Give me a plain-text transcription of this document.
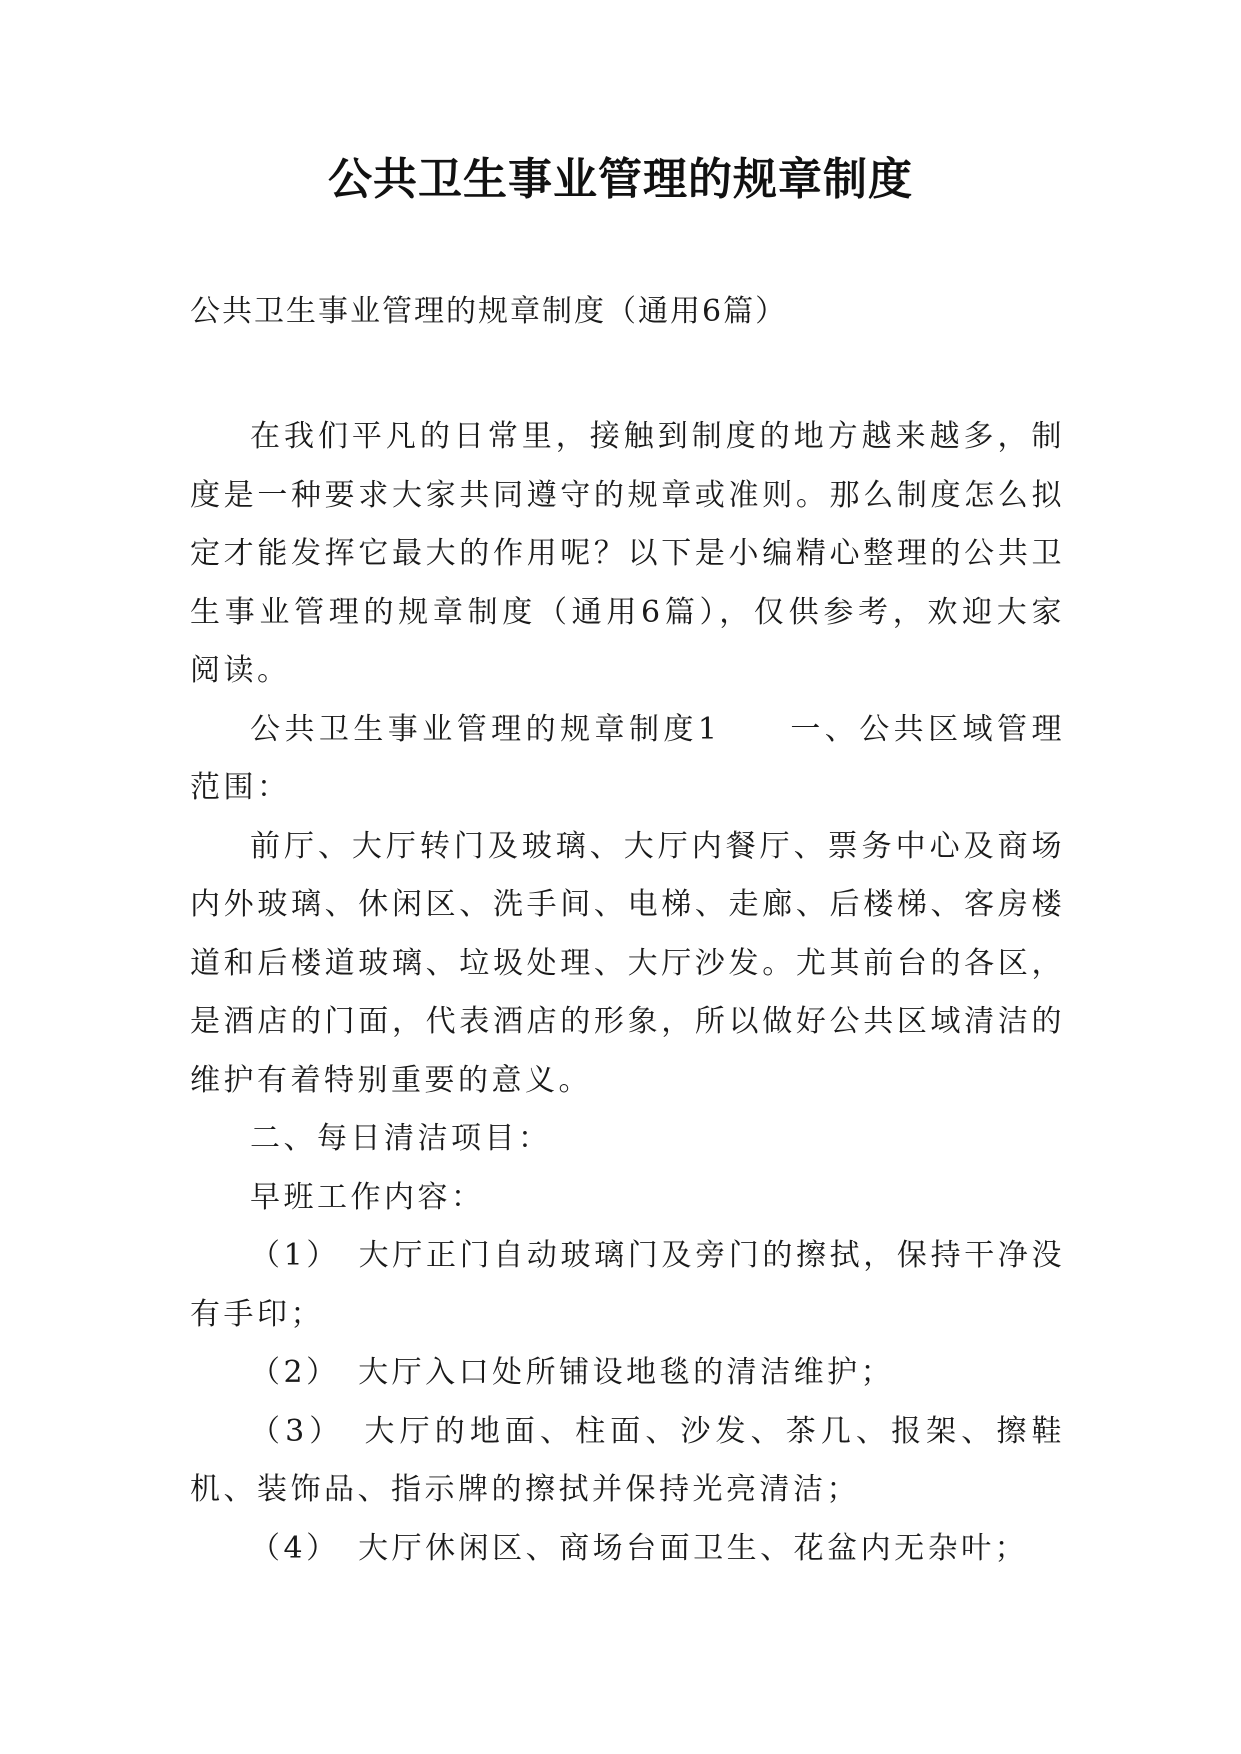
公共卫生事业管理的规章制度
公共卫生事业管理的规章制度（通用6篇）

在我们平凡的日常里，接触到制度的地方越来越多，制度是一种要求大家共同遵守的规章或准则。那么制度怎么拟定才能发挥它最大的作用呢？以下是小编精心整理的公共卫生事业管理的规章制度（通用6篇），仅供参考，欢迎大家阅读。

公共卫生事业管理的规章制度1　　一、公共区域管理范围：

前厅、大厅转门及玻璃、大厅内餐厅、票务中心及商场内外玻璃、休闲区、洗手间、电梯、走廊、后楼梯、客房楼道和后楼道玻璃、垃圾处理、大厅沙发。尤其前台的各区，是酒店的门面，代表酒店的形象，所以做好公共区域清洁的维护有着特别重要的意义。

二、每日清洁项目：

早班工作内容：

（1）　大厅正门自动玻璃门及旁门的擦拭，保持干净没有手印；

（2）　大厅入口处所铺设地毯的清洁维护；

（3）　大厅的地面、柱面、沙发、茶几、报架、擦鞋机、装饰品、指示牌的擦拭并保持光亮清洁；

（4）　大厅休闲区、商场台面卫生、花盆内无杂叶；
